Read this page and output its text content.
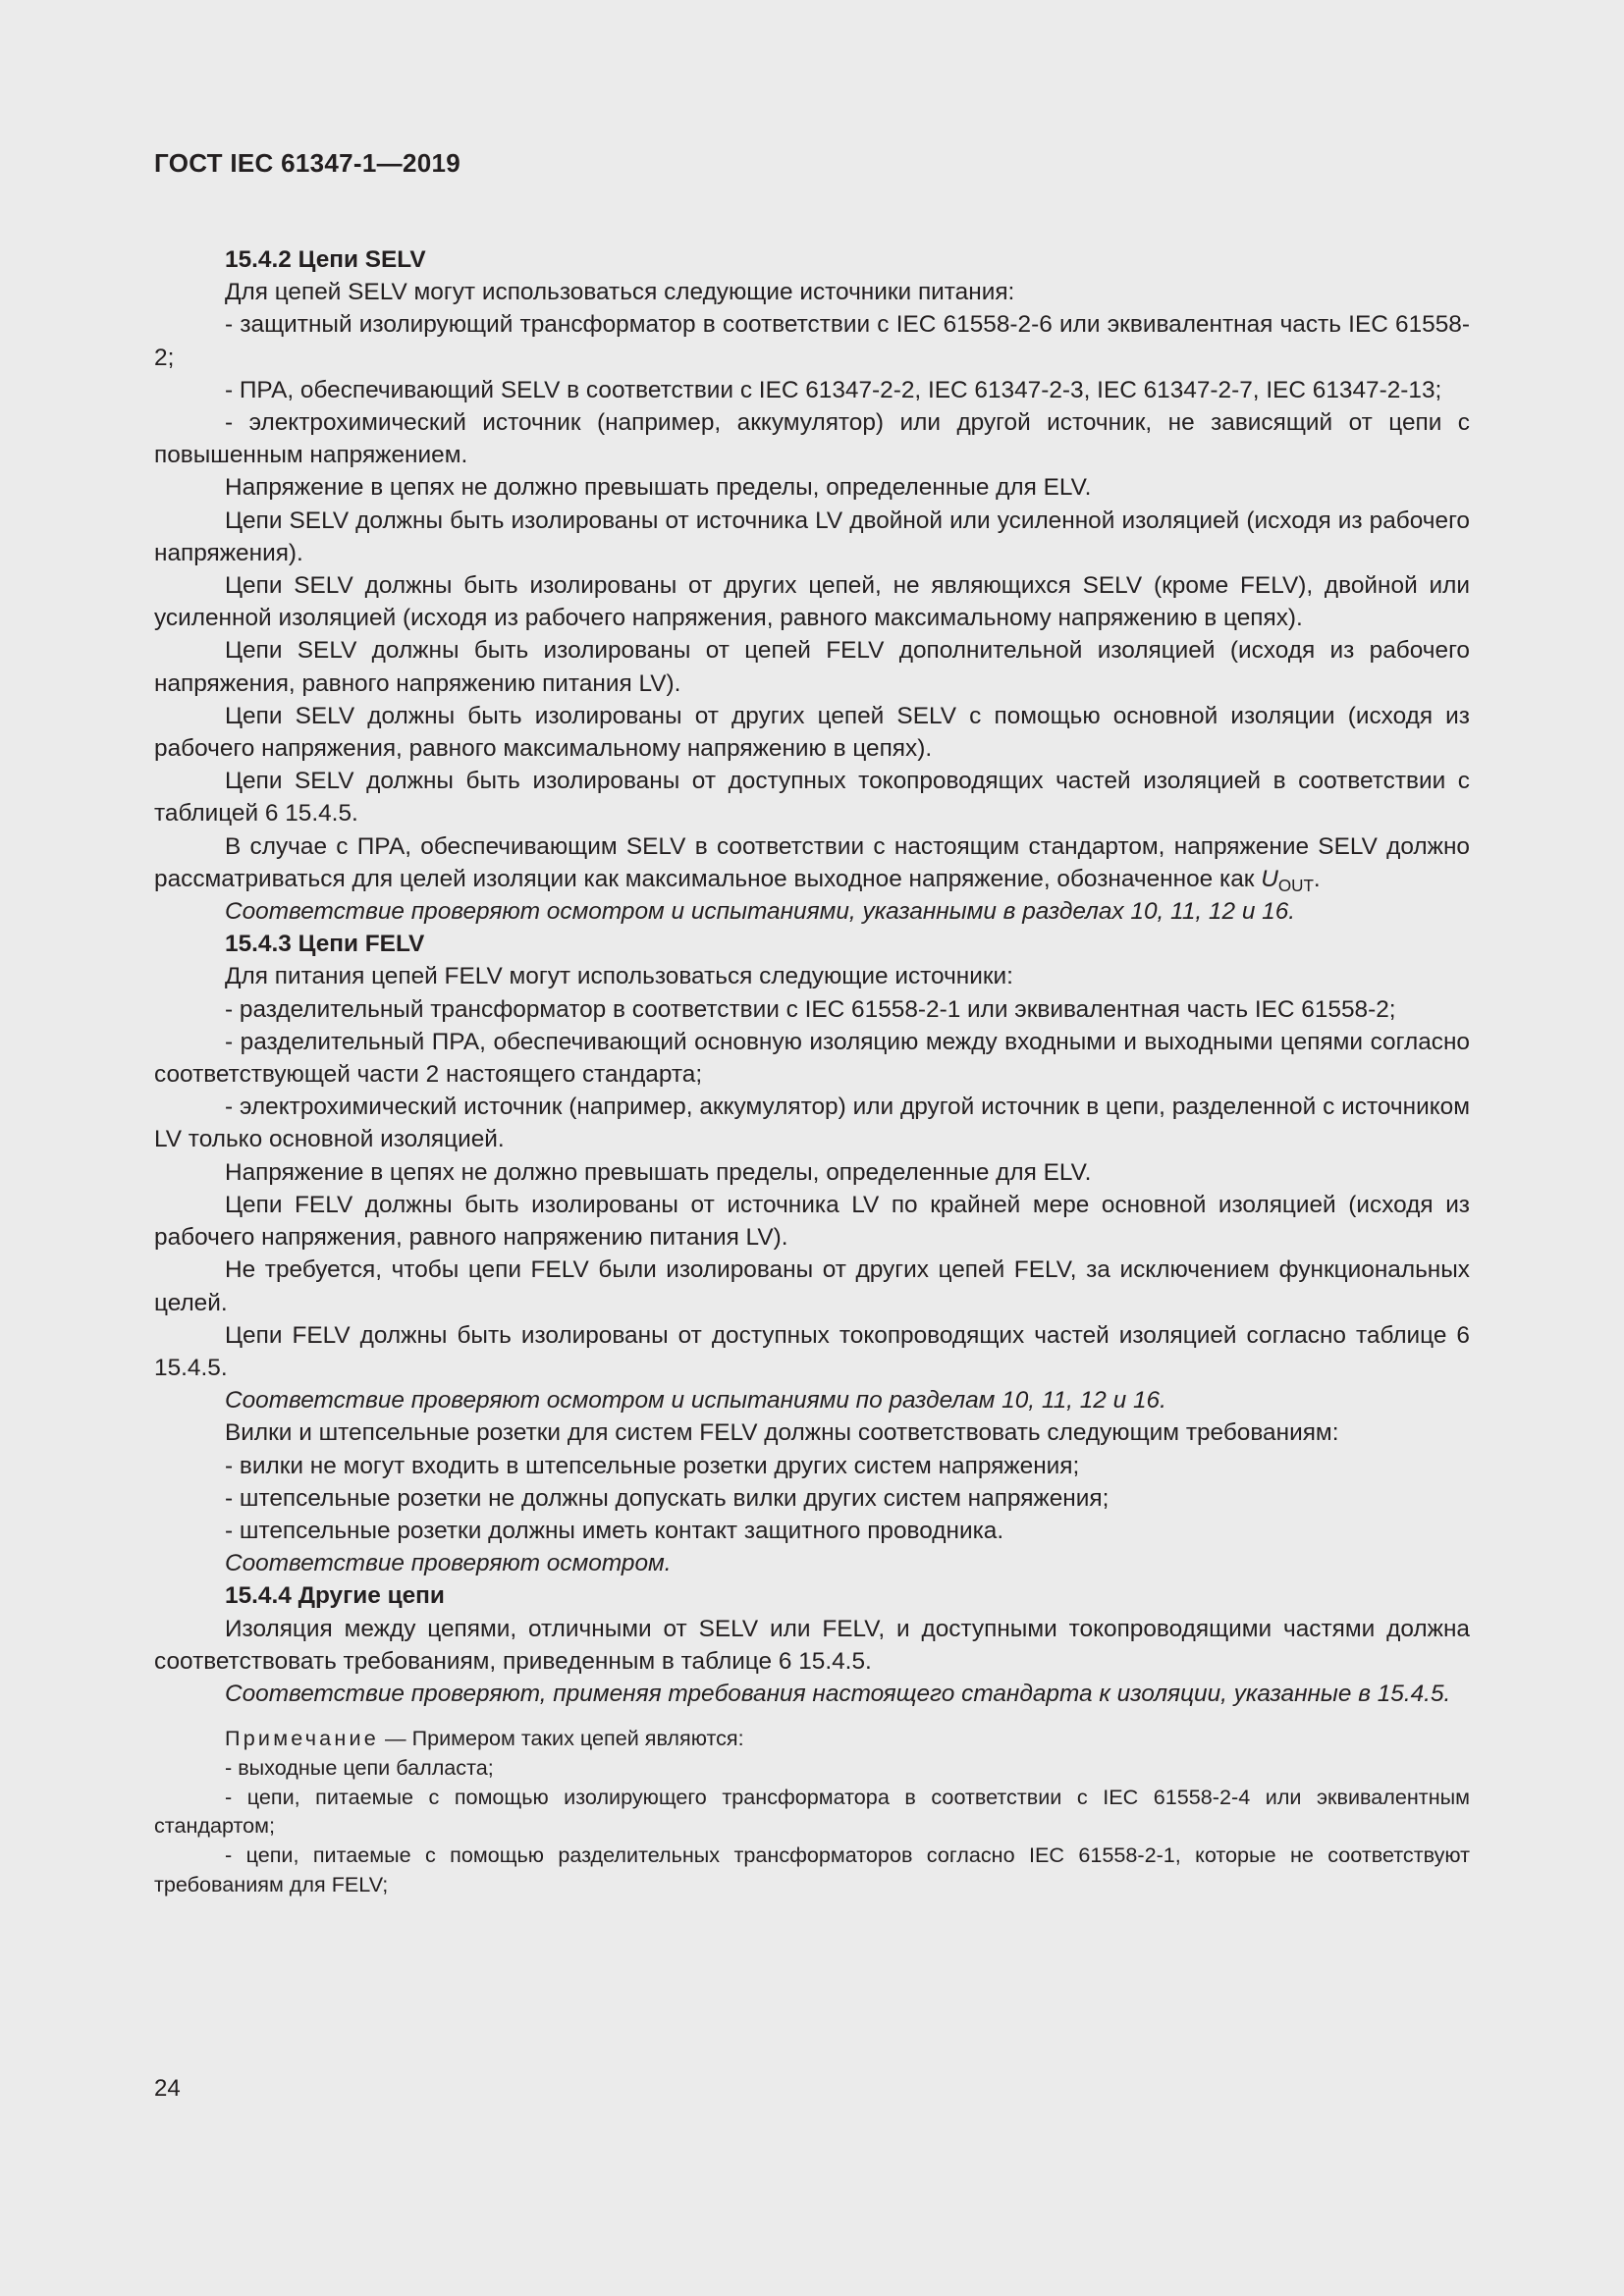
ГОСТ IEC 61347-1—2019

15.4.2 Цепи SELV

Для цепей SELV могут использоваться следующие источники питания:

- защитный изолирующий трансформатор в соответствии с IEC 61558-2-6 или эквивалентная часть IEC 61558-2;

- ПРА, обеспечивающий SELV в соответствии с IEC 61347-2-2, IEC 61347-2-3, IEC 61347-2-7, IEC 61347-2-13;

- электрохимический источник (например, аккумулятор) или другой источник, не зависящий от цепи с повышенным напряжением.

Напряжение в цепях не должно превышать пределы, определенные для ELV.

Цепи SELV должны быть изолированы от источника LV двойной или усиленной изоляцией (исходя из рабочего напряжения).

Цепи SELV должны быть изолированы от других цепей, не являющихся SELV (кроме FELV), двойной или усиленной изоляцией (исходя из рабочего напряжения, равного максимальному напряжению в цепях).

Цепи SELV должны быть изолированы от цепей FELV дополнительной изоляцией (исходя из рабочего напряжения, равного напряжению питания LV).

Цепи SELV должны быть изолированы от других цепей SELV с помощью основной изоляции (исходя из рабочего напряжения, равного максимальному напряжению в цепях).

Цепи SELV должны быть изолированы от доступных токопроводящих частей изоляцией в соответствии с таблицей 6 15.4.5.

В случае с ПРА, обеспечивающим SELV в соответствии с настоящим стандартом, напряжение SELV должно рассматриваться для целей изоляции как максимальное выходное напряжение, обозначенное как $U_{OUT}$.

Соответствие проверяют осмотром и испытаниями, указанными в разделах 10, 11, 12 и 16.

15.4.3 Цепи FELV

Для питания цепей FELV могут использоваться следующие источники:

- разделительный трансформатор в соответствии с IEC 61558-2-1 или эквивалентная часть IEC 61558-2;

- разделительный ПРА, обеспечивающий основную изоляцию между входными и выходными цепями согласно соответствующей части 2 настоящего стандарта;

- электрохимический источник (например, аккумулятор) или другой источник в цепи, разделенной с источником LV только основной изоляцией.

Напряжение в цепях не должно превышать пределы, определенные для ELV.

Цепи FELV должны быть изолированы от источника LV по крайней мере основной изоляцией (исходя из рабочего напряжения, равного напряжению питания LV).

Не требуется, чтобы цепи FELV были изолированы от других цепей FELV, за исключением функциональных целей.

Цепи FELV должны быть изолированы от доступных токопроводящих частей изоляцией согласно таблице 6 15.4.5.

Соответствие проверяют осмотром и испытаниями по разделам 10, 11, 12 и 16.

Вилки и штепсельные розетки для систем FELV должны соответствовать следующим требованиям:

- вилки не могут входить в штепсельные розетки других систем напряжения;

- штепсельные розетки не должны допускать вилки других систем напряжения;

- штепсельные розетки должны иметь контакт защитного проводника.

Соответствие проверяют осмотром.

15.4.4 Другие цепи

Изоляция между цепями, отличными от SELV или FELV, и доступными токопроводящими частями должна соответствовать требованиям, приведенным в таблице 6 15.4.5.

Соответствие проверяют, применяя требования настоящего стандарта к изоляции, указанные в 15.4.5.

Примечание — Примером таких цепей являются:

- выходные цепи балласта;

- цепи, питаемые с помощью изолирующего трансформатора в соответствии с IEC 61558-2-4 или эквивалентным стандартом;

- цепи, питаемые с помощью разделительных трансформаторов согласно IEC 61558-2-1, которые не соответствуют требованиям для FELV;

24
